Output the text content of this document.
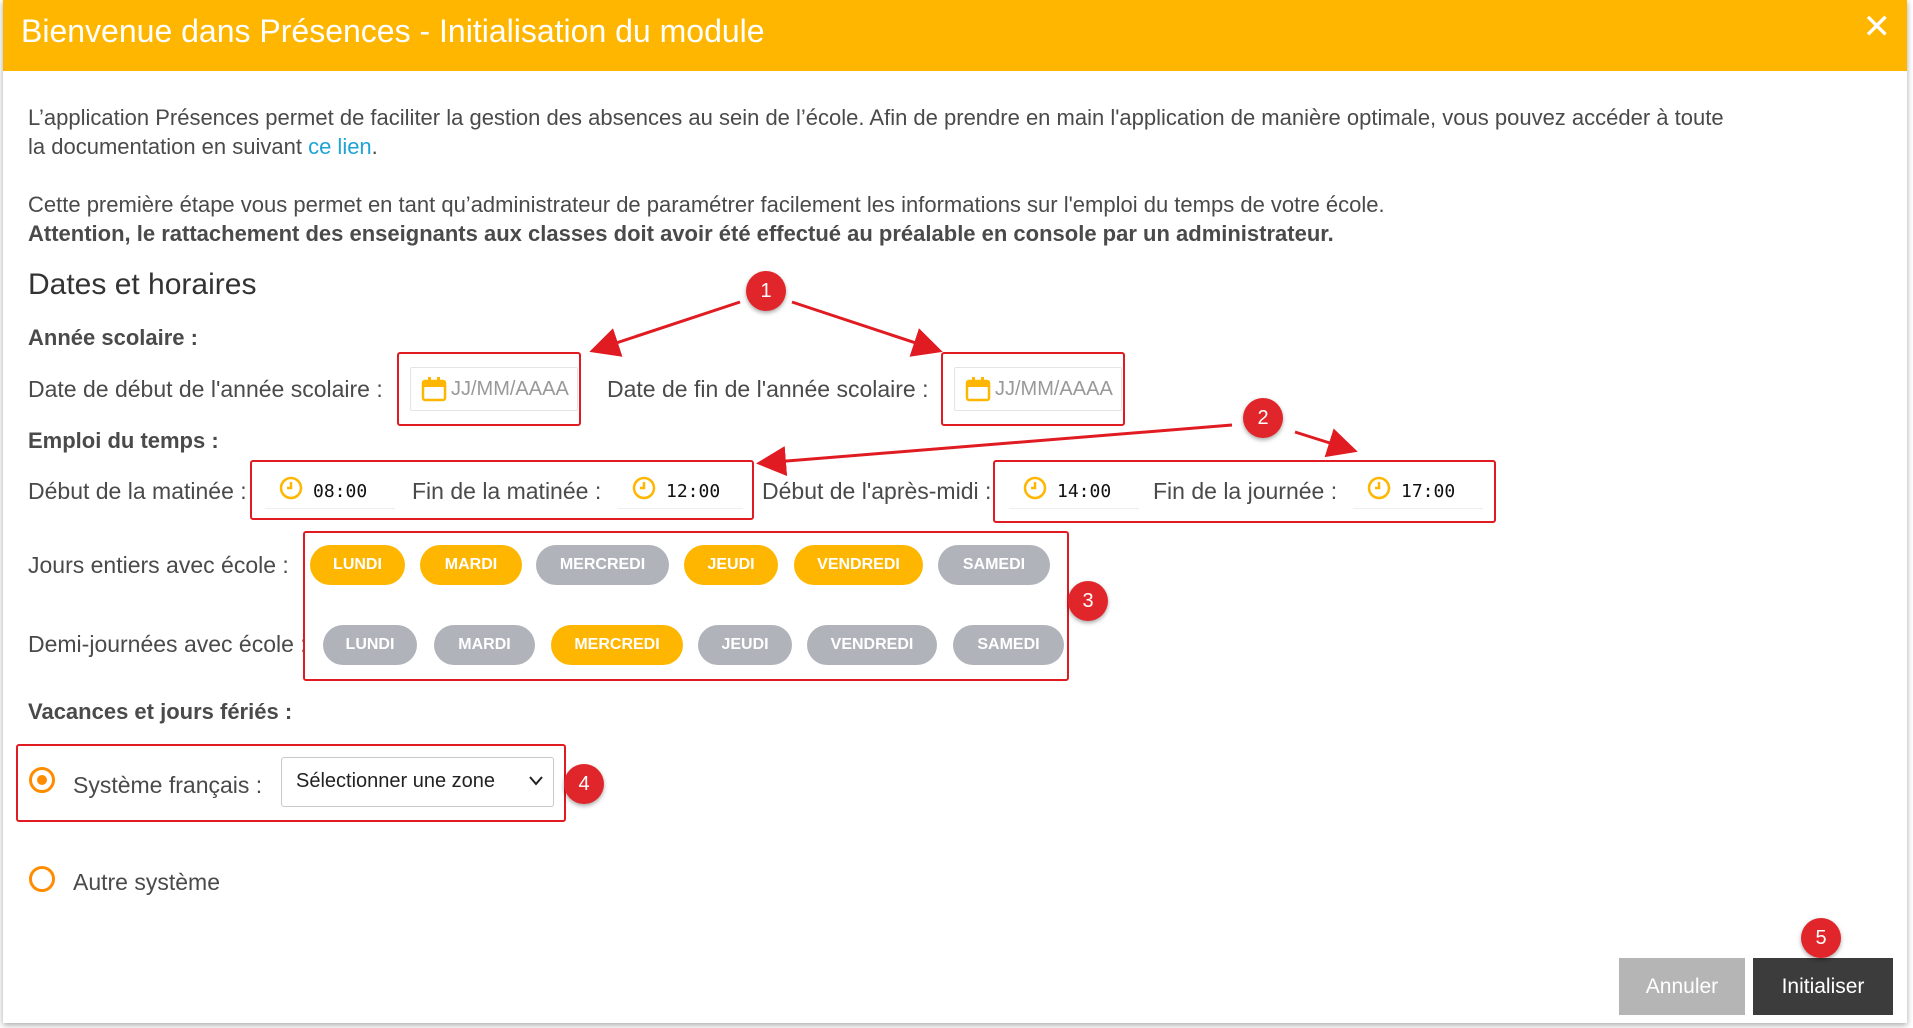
Bienvenue dans Présences - Initialisation du module	✕
L’application Présences permet de faciliter la gestion des absences au sein de l’école. Afin de prendre en main l'application de manière optimale, vous pouvez accéder à toute
la documentation en suivant ce lien.
Cette première étape vous permet en tant qu’administrateur de paramétrer facilement les informations sur l'emploi du temps de votre école.
Attention, le rattachement des enseignants aux classes doit avoir été effectué au préalable en console par un administrateur.
Dates et horaires
Année scolaire :
Date de début de l'année scolaire :	JJ/MM/AAAA Date de fin de l'année scolaire :	JJ/MM/AAAA
Emploi du temps :
Début de la matinée :	08:00 Fin de la matinée :	12:00 Début de l'après-midi :	14:00 Fin de la journée :	17:00
Jours entiers avec école :	LUNDI	MARDI	MERCREDI	JEUDI	VENDREDI	SAMEDI
Demi-journées avec école :	LUNDI	MARDI	MERCREDI	JEUDI	VENDREDI	SAMEDI
Vacances et jours fériés :
Système français : Sélectionner une zone
Autre système
Annuler	Initialiser
1
2
3
4
5
